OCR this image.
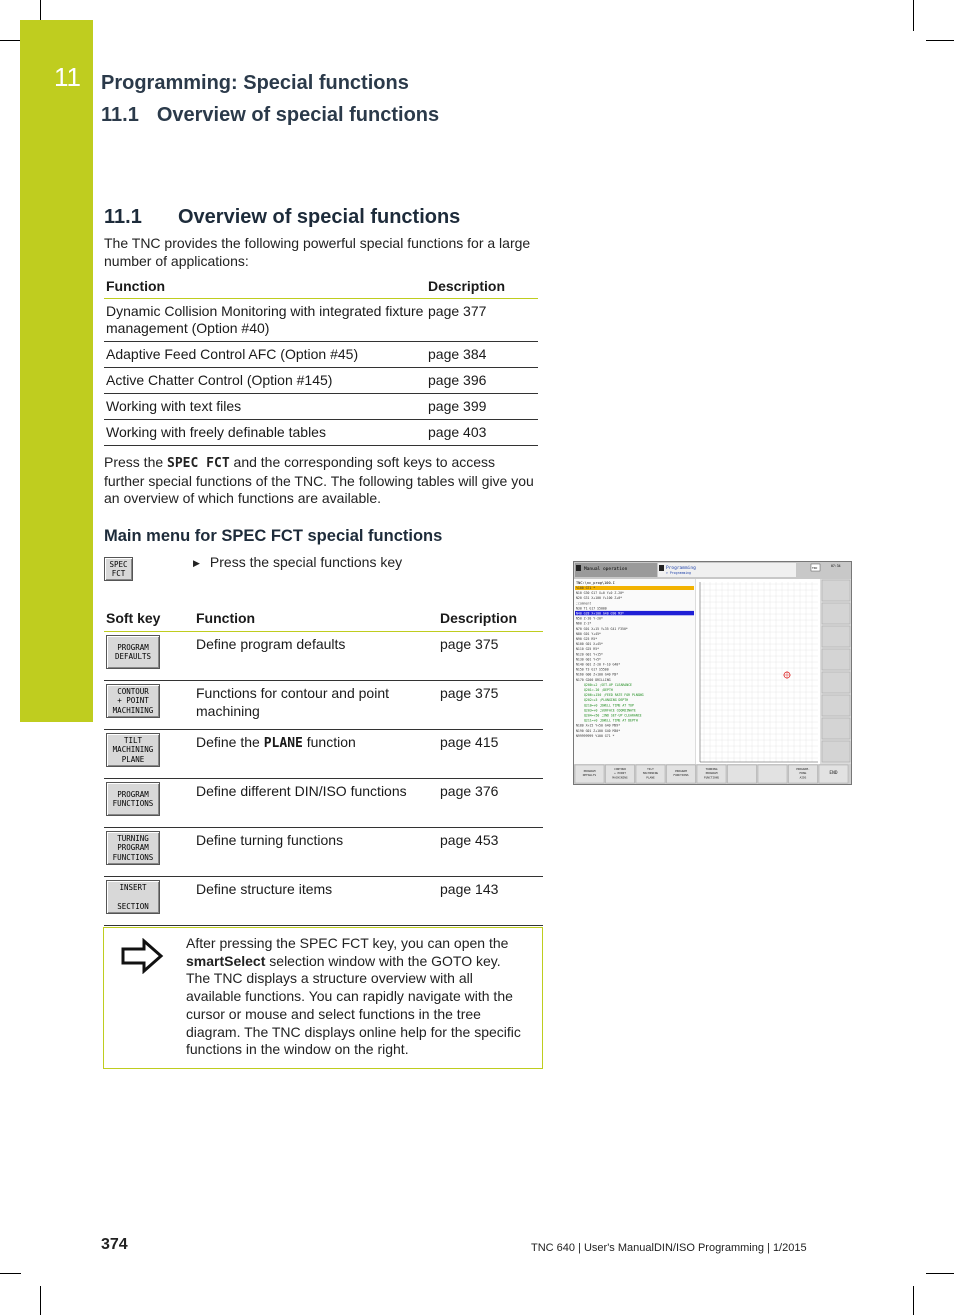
11 Programming: Special functions
11.1 Overview of special functions
11.1 Overview of special functions
The TNC provides the following powerful special functions for a large number of applications:
Function	Description
Dynamic Collision Monitoring with integrated fixture management (Option #40)	page 377
Adaptive Feed Control AFC (Option #45)	page 384
Active Chatter Control (Option #145)	page 396
Working with text files	page 399
Working with freely definable tables	page 403
Press the SPEC FCT and the corresponding soft keys to access further special functions of the TNC. The following tables will give you an overview of which functions are available.
Main menu for SPEC FCT special functions
SPEC
FCT
▶ Press the special functions key
Soft key	Function	Description

PROGRAM
DEFAULTS	Define program defaults	page 375

CONTOUR
+ POINT
MACHINING	Functions for contour and point machining	page 375

TILT
MACHINING
PLANE	Define the PLANE function	page 415

PROGRAM
FUNCTIONS	Define different DIN/ISO functions	page 376

TURNING
PROGRAM
FUNCTIONS	Define turning functions	page 453

INSERT

SECTION	Define structure items	page 143
After pressing the SPEC FCT key, you can open the smartSelect selection window with the GOTO key. The TNC displays a structure overview with all available functions. You can rapidly navigate with the cursor or mouse and select functions in the tree diagram. The TNC displays online help for the specific functions in the window on the right.
Manual operation	Programming
> Programming
TNC	07:34
TNC:\nc_prog\100.I
%100 G71 *
N10 G30 G17 X+0 Y+0 Z-20*
N20 G31 X+100 Y+100 Z+0*
;comment
N30 T1 G17 S5000
N40 G28 X+100 G40 G90 M3*
N50 Z-20 Y-20*
N60 Z-2*
N70 G01 X+15 Y+35 G41 F350*
N80 G01 Y+45*
N90 G25 R5*
N100 G01 X+45*
N110 G25 R5*
N120 G01 Y+15*
N130 G01 Y+5*
N140 G01 Z-20 F-10 G40*
N150 T3 G17 S5500
N160 G00 Z+100 G40 M3*
N170 G200 DRILLING
Q200=+2 ;SET-UP CLEARANCE
Q201=-20 ;DEPTH
Q206=+150 ;FEED RATE FOR PLNGNG
Q202=+5 ;PLUNGING DEPTH
Q210=+0 ;DWELL TIME AT TOP
Q203=+0 ;SURFACE COORDINATE
Q204=+50 ;2ND SET-UP CLEARANCE
Q211=+0 ;DWELL TIME AT DEPTH
N180 X+15 Y+50 G40 M99*
N190 G01 Z+100 G40 M30*
N99999999 %100 G71 *
PROGRAM
DEFAULTS
CONTOUR
+ POINT
MACHINING
TILT
MACHINING
PLANE
PROGRAM
FUNCTIONS
TURNING
PROGRAM
FUNCTIONS
PROGRAM-
MING
AIDS
END
374	TNC 640 | User's ManualDIN/ISO Programming | 1/2015
